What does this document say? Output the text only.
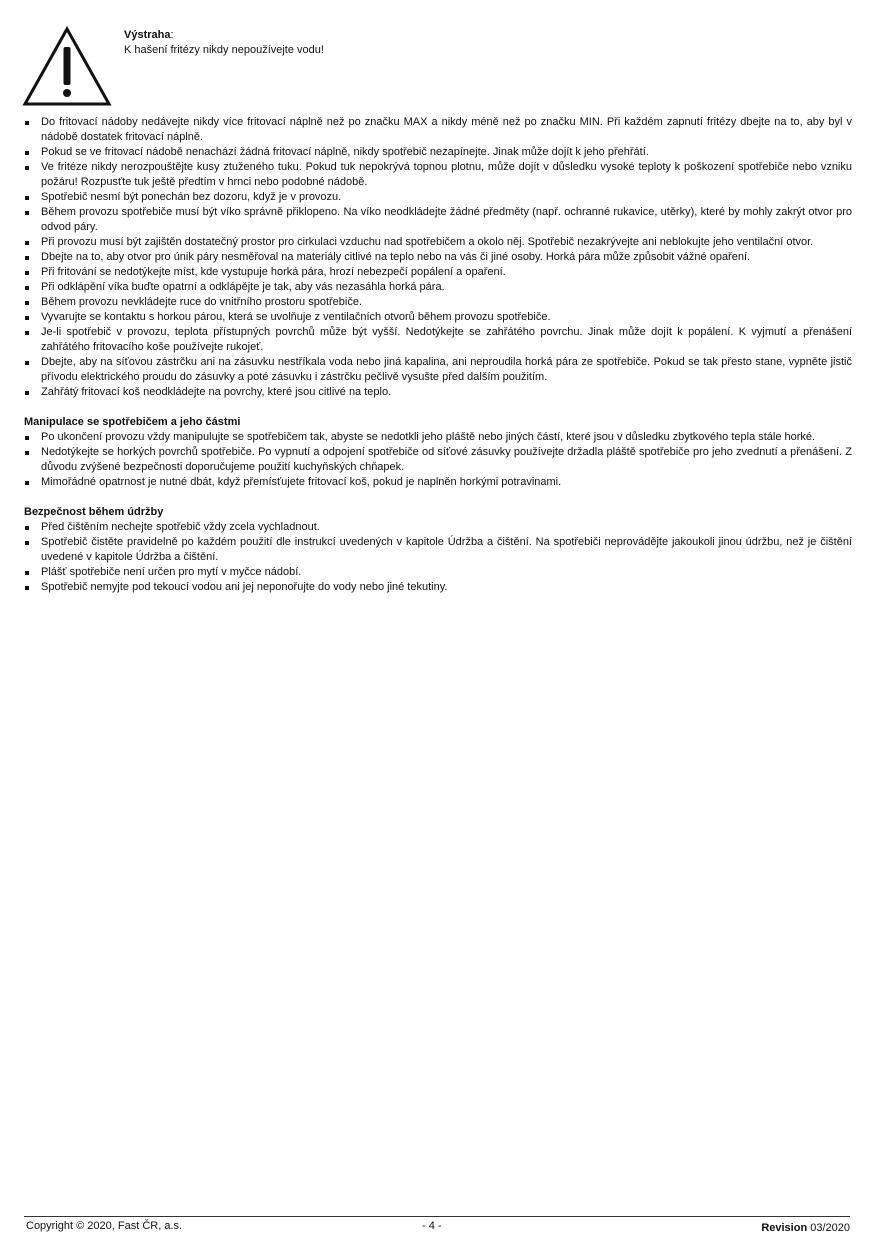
Výstraha:
K hašení fritézy nikdy nepoužívejte vodu!
Do fritovací nádoby nedávejte nikdy více fritovací náplně než po značku MAX a nikdy méně než po značku MIN. Při každém zapnutí fritézy dbejte na to, aby byl v nádobě dostatek fritovací náplně.
Pokud se ve fritovací nádobě nenachází žádná fritovací náplně, nikdy spotřebič nezapínejte. Jinak může dojít k jeho přehřátí.
Ve fritéze nikdy nerozpouštějte kusy ztuženého tuku. Pokud tuk nepokrývá topnou plotnu, může dojít v důsledku vysoké teploty k poškození spotřebiče nebo vzniku požáru! Rozpusťte tuk ještě předtím v hrnci nebo podobné nádobě.
Spotřebič nesmí být ponechán bez dozoru, když je v provozu.
Během provozu spotřebiče musí být víko správně přiklopeno. Na víko neodkládejte žádné předměty (např. ochranné rukavice, utěrky), které by mohly zakrýt otvor pro odvod páry.
Při provozu musí být zajištěn dostatečný prostor pro cirkulaci vzduchu nad spotřebičem a okolo něj. Spotřebič nezakrývejte ani neblokujte jeho ventilační otvor.
Dbejte na to, aby otvor pro únik páry nesměřoval na materiály citlivé na teplo nebo na vás či jiné osoby. Horká pára může způsobit vážné opaření.
Při fritování se nedotýkejte míst, kde vystupuje horká pára, hrozí nebezpečí popálení a opaření.
Při odklápění víka buďte opatrní a odklápějte je tak, aby vás nezasáhla horká pára.
Během provozu nevkládejte ruce do vnitřního prostoru spotřebiče.
Vyvarujte se kontaktu s horkou párou, která se uvolňuje z ventilačních otvorů během provozu spotřebiče.
Je-li spotřebič v provozu, teplota přístupných povrchů může být vyšší. Nedotýkejte se zahřátého povrchu. Jinak může dojít k popálení. K vyjmutí a přenášení zahřátého fritovacího koše používejte rukojeť.
Dbejte, aby na síťovou zástrčku ani na zásuvku nestříkala voda nebo jiná kapalina, ani neproudila horká pára ze spotřebiče. Pokud se tak přesto stane, vypněte jistič přívodu elektrického proudu do zásuvky a poté zásuvku i zástrčku pečlivě vysušte před dalším použitím.
Zahřátý fritovací koš neodkládejte na povrchy, které jsou citlivé na teplo.
Manipulace se spotřebičem a jeho částmi
Po ukončení provozu vždy manipulujte se spotřebičem tak, abyste se nedotkli jeho pláště nebo jiných částí, které jsou v důsledku zbytkového tepla stále horké.
Nedotýkejte se horkých povrchů spotřebiče. Po vypnutí a odpojení spotřebiče od síťové zásuvky používejte držadla pláště spotřebiče pro jeho zvednutí a přenášení. Z důvodu zvýšené bezpečnosti doporučujeme použití kuchyňských chňapek.
Mimořádné opatrnost je nutné dbát, když přemísťujete fritovací koš, pokud je naplněn horkými potravinami.
Bezpečnost během údržby
Před čištěním nechejte spotřebič vždy zcela vychladnout.
Spotřebič čistěte pravidelně po každém použití dle instrukcí uvedených v kapitole Údržba a čištění. Na spotřebiči neprovádějte jakoukoli jinou údržbu, než je čištění uvedené v kapitole Údržba a čištění.
Plášť spotřebiče není určen pro mytí v myčce nádobí.
Spotřebič nemyjte pod tekoucí vodou ani jej neponořujte do vody nebo jiné tekutiny.
Copyright © 2020, Fast ČR, a.s.	- 4 -	Revision 03/2020
